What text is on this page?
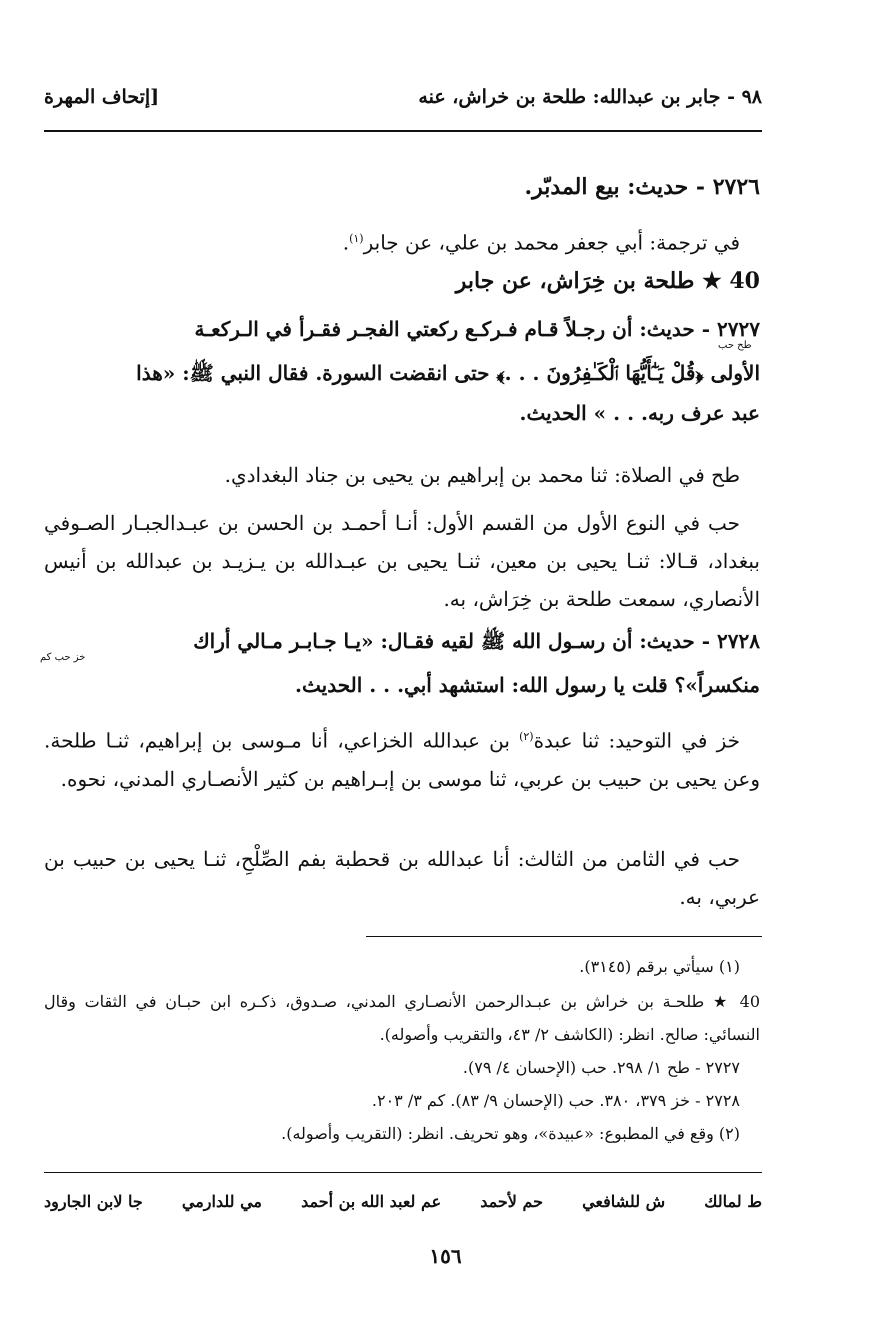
٩٨ - جابر بن عبدالله: طلحة بن خراش، عنه
[إتحاف المهرة
٢٧٢٦ - حديث: بيع المدبّر.
في ترجمة: أبي جعفر محمد بن علي، عن جابر$^{(١)}$.
40 ★ طلحة بن خِرَاش، عن جابر
٢٧٢٧ - حديث: أن رجـلاً قـام فـركـع ركعتي الفجـر فقـرأ في الـركعـة
الأولى ﴿قُلْ يَـٰٓأَيُّهَا ٱلْكَـٰفِرُونَ . . .﴾ حتى انقضت السورة. فقال النبي ﷺ: «هذا
عبد عرف ربه. . . » الحديث.
طح حب
طح في الصلاة: ثنا محمد بن إبراهيم بن يحيى بن جناد البغدادي.
حب في النوع الأول من القسم الأول: أنـا أحمـد بن الحسن بن عبـدالجبـار الصـوفي ببغداد، قـالا: ثنـا يحيى بن معين، ثنـا يحيى بن عبـدالله بن يـزيـد بن عبدالله بن أنيس الأنصاري، سمعت طلحة بن خِرَاش، به.
٢٧٢٨ - حديث: أن رسـول الله ﷺ لقيه فقـال: «يـا جـابـر مـالي أراك
منكسراً»؟ قلت يا رسول الله: استشهد أبي. . . الحديث.
خز حب كم
خز في التوحيد: ثنا عبدة$^{(٢)}$ بن عبدالله الخزاعي، أنا مـوسى بن إبراهيم، ثنـا طلحة. وعن يحيى بن حبيب بن عربي، ثنا موسى بن إبـراهيم بن كثير الأنصـاري المدني، نحوه.
حب في الثامن من الثالث: أنا عبدالله بن قحطبة بفم الصِّلْحِ، ثنـا يحيى بن حبيب بن عربي، به.
(١) سيأتي برقم (٣١٤٥).
40 ★ طلحـة بن خراش بن عبـدالرحمن الأنصـاري المدني، صـدوق، ذكـره ابن حبـان في الثقات وقال النسائي: صالح. انظر: (الكاشف ٢/ ٤٣، والتقريب وأصوله).
٢٧٢٧ - طح ١/ ٢٩٨. حب (الإحسان ٤/ ٧٩).
٢٧٢٨ - خز ٣٧٩، ٣٨٠. حب (الإحسان ٩/ ٨٣). كم ٣/ ٢٠٣.
(٢) وقع في المطبوع: «عبيدة»، وهو تحريف. انظر: (التقريب وأصوله).
ط لمالك
ش للشافعي
حم لأحمد
عم لعبد الله بن أحمد
مي للدارمي
جا لابن الجارود
١٥٦
